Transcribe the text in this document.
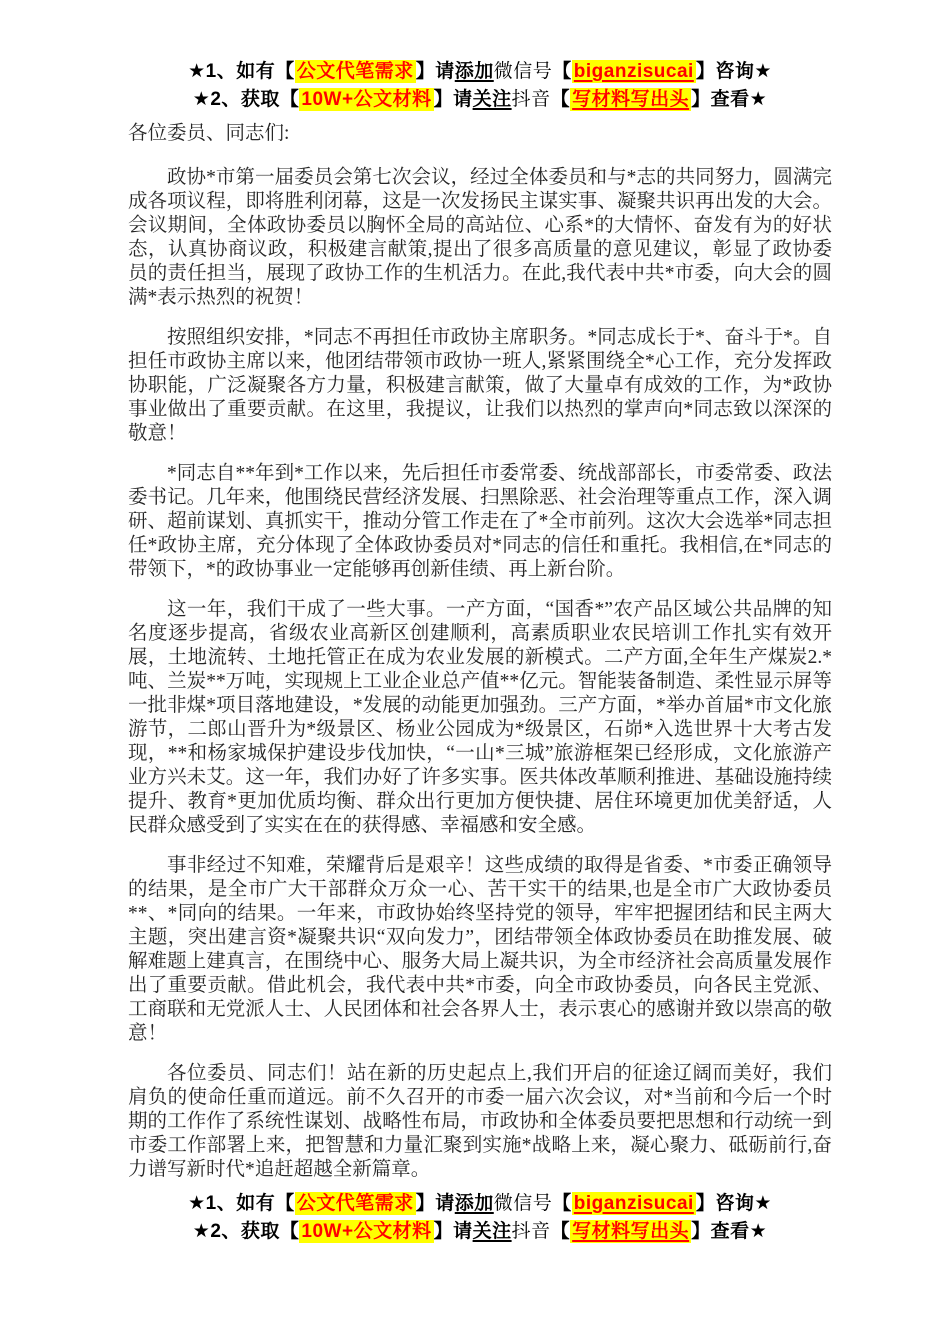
★1、如有【 公文代笔需求 】请添加微信号【 biganzisucai 】咨询★
★2、获取【 10W+公文材料 】请关注抖音【 写材料写出头 】查看★

各位委员、同志们:

政协*市第一届委员会第七次会议，经过全体委员和与*志的共同努力，圆满完成各项议程，即将胜利闭幕，这是一次发扬民主谋实事、凝聚共识再出发的大会。会议期间，全体政协委员以胸怀全局的高站位、心系*的大情怀、奋发有为的好状态，认真协商议政，积极建言献策,提出了很多高质量的意见建议，彰显了政协委员的责任担当，展现了政协工作的生机活力。在此,我代表中共*市委，向大会的圆满*表示热烈的祝贺！

按照组织安排，*同志不再担任市政协主席职务。*同志成长于*、奋斗于*。自担任市政协主席以来，他团结带领市政协一班人,紧紧围绕全*心工作，充分发挥政协职能，广泛凝聚各方力量，积极建言献策，做了大量卓有成效的工作，为*政协事业做出了重要贡献。在这里，我提议，让我们以热烈的掌声向*同志致以深深的敬意！

*同志自**年到*工作以来，先后担任市委常委、统战部部长，市委常委、政法委书记。几年来，他围绕民营经济发展、扫黑除恶、社会治理等重点工作，深入调研、超前谋划、真抓实干，推动分管工作走在了*全市前列。这次大会选举*同志担任*政协主席，充分体现了全体政协委员对*同志的信任和重托。我相信,在*同志的带领下，*的政协事业一定能够再创新佳绩、再上新台阶。

这一年，我们干成了一些大事。一产方面，“国香*”农产品区域公共品牌的知名度逐步提高，省级农业高新区创建顺利，高素质职业农民培训工作扎实有效开展，土地流转、土地托管正在成为农业发展的新模式。二产方面,全年生产煤炭2.*吨、兰炭**万吨，实现规上工业企业总产值**亿元。智能装备制造、柔性显示屏等一批非煤*项目落地建设，*发展的动能更加强劲。三产方面，*举办首届*市文化旅游节，二郎山晋升为*级景区、杨业公园成为*级景区，石峁*入选世界十大考古发现，**和杨家城保护建设步伐加快，“一山*三城”旅游框架已经形成，文化旅游产业方兴未艾。这一年，我们办好了许多实事。医共体改革顺利推进、基础设施持续提升、教育*更加优质均衡、群众出行更加方便快捷、居住环境更加优美舒适，人民群众感受到了实实在在的获得感、幸福感和安全感。

事非经过不知难，荣耀背后是艰辛！这些成绩的取得是省委、*市委正确领导的结果，是全市广大干部群众万众一心、苦干实干的结果,也是全市广大政协委员**、*同向的结果。一年来，市政协始终坚持党的领导，牢牢把握团结和民主两大主题，突出建言资*凝聚共识“双向发力”，团结带领全体政协委员在助推发展、破解难题上建真言，在围绕中心、服务大局上凝共识，为全市经济社会高质量发展作出了重要贡献。借此机会，我代表中共*市委，向全市政协委员，向各民主党派、工商联和无党派人士、人民团体和社会各界人士，表示衷心的感谢并致以崇高的敬意！

各位委员、同志们！站在新的历史起点上,我们开启的征途辽阔而美好，我们肩负的使命任重而道远。前不久召开的市委一届六次会议，对*当前和今后一个时期的工作作了系统性谋划、战略性布局，市政协和全体委员要把思想和行动统一到市委工作部署上来，把智慧和力量汇聚到实施*战略上来，凝心聚力、砥砺前行,奋力谱写新时代*追赶超越全新篇章。

★1、如有【 公文代笔需求 】请添加微信号【 biganzisucai 】咨询★
★2、获取【 10W+公文材料 】请关注抖音【 写材料写出头 】查看★
